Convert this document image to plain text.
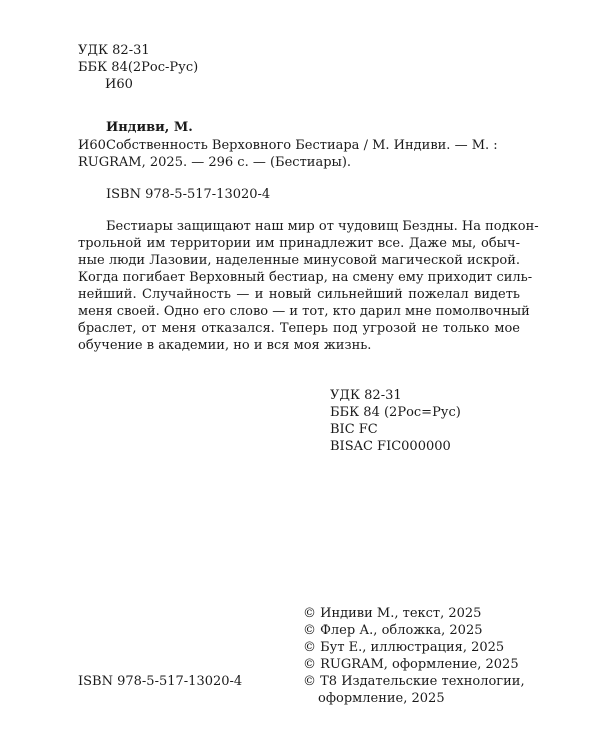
УДК 82-31
ББК 84(2Рос-Рус)
И60
Индиви, М.
И60 Собственность Верховного Бестиара / М. Индиви. — М. :
RUGRAM, 2025. — 296 с. — (Бестиары).
ISBN 978-5-517-13020-4
Бестиары защищают наш мир от чудовищ Бездны. На подкон-
трольной им территории им принадлежит все. Даже мы, обыч-
ные люди Лазовии, наделенные минусовой магической искрой.
Когда погибает Верховный бестиар, на смену ему приходит силь-
нейший. Случайность — и новый сильнейший пожелал видеть
меня своей. Одно его слово — и тот, кто дарил мне помолвочный
браслет, от меня отказался. Теперь под угрозой не только мое
обучение в академии, но и вся моя жизнь.
УДК 82-31
ББК 84 (2Рос=Рус)
BIC FC
BISAC FIC000000
© Индиви М., текст, 2025
© Флер А., обложка, 2025
© Бут Е., иллюстрация, 2025
© RUGRAM, оформление, 2025
© Т8 Издательские технологии,
оформление, 2025
ISBN 978-5-517-13020-4
